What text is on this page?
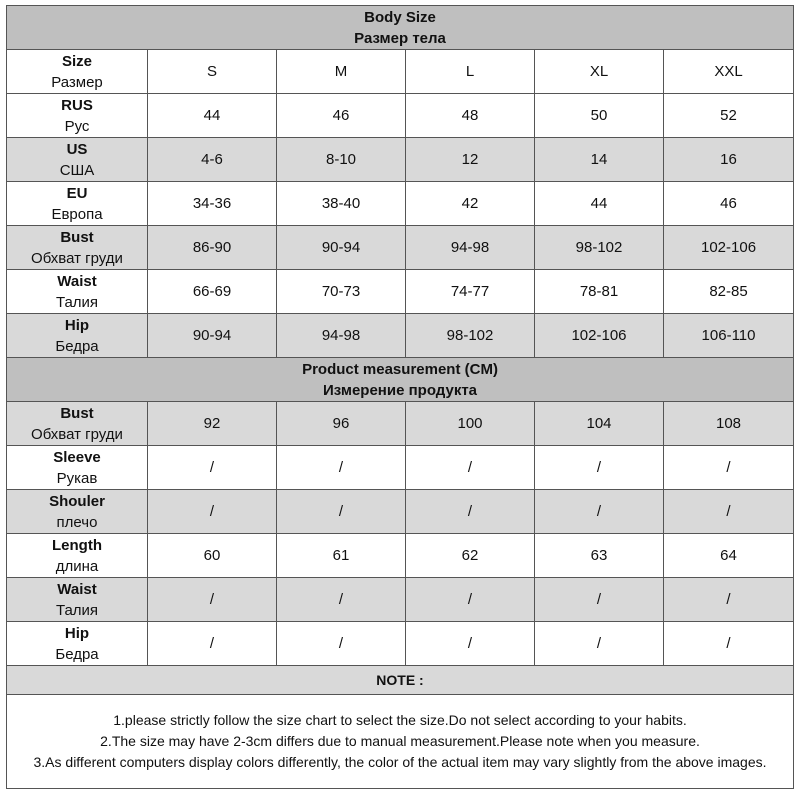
Body Size
Размер тела					

Size
Размер	S	M	L	XL	XXL

RUS
Рус	44	46	48	50	52

US
США	4-6	8-10	12	14	16

EU
Европа	34-36	38-40	42	44	46

Bust
Обхват груди	86-90	90-94	94-98	98-102	102-106

Waist
Талия	66-69	70-73	74-77	78-81	82-85

Hip
Бедра	90-94	94-98	98-102	102-106	106-110

Product measurement (CM)
Измерение продукта					

Bust
Обхват груди	92	96	100	104	108

Sleeve
Рукав	/	/	/	/	/

Shouler
плечо	/	/	/	/	/

Length
длина	60	61	62	63	64

Waist
Талия	/	/	/	/	/

Hip
Бедра	/	/	/	/	/
NOTE :					

1.please strictly follow the size chart to select the size.Do not select according to your habits.
2.The size may have 2-3cm differs due to manual measurement.Please note when you measure.
3.As different computers display colors differently, the color of the actual item may vary slightly from the above images.					
